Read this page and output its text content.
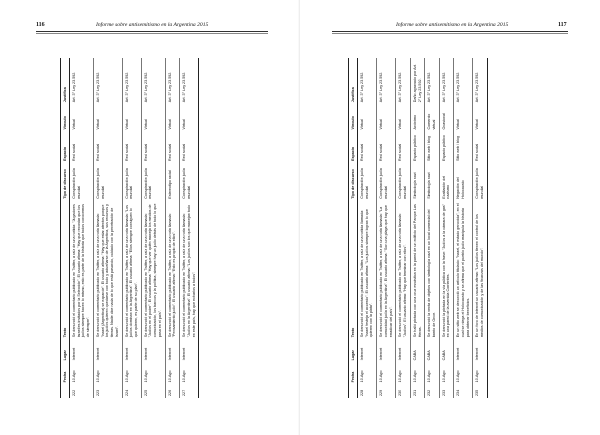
116	Informe sobre antisemitismo en la Argentina 2015
	Fecha	Lugar	Texto	Tipo de discurso	Espacio	Vínculo	Justifica
222	10-Ago	Internet	Se denunció el comentario publicado en Twitter, a raíz de una noticia: "Jugadores israelíes invitados por la Selección". El usuario afirma: "Hay que recordar que los judíos siempre hacen lo mismo, esto es parte de la historia que todos conocemos de siempre".	Conspiración judía mundial	Red social	Virtual	Art. 3° Ley 23.592.
223	10-Ago	Internet	Se denunció el comentario publicado en Twitter, a raíz de una nota llamada: "Israel (Argentina) se expande". El usuario afirma: "Hay que estar atentos porque los judíos quieren quedarse con todo y adueñarse de la Argentina, sus recursos y tierras. Nadie dice nada de lo que está pasando, cuidado con la penetración de Israel".	Conspiración judía mundial	Red social	Virtual	Art. 3° Ley 23.592.
224	10-Ago	Internet	Se denunció el comentario publicado en Twitter, a raíz de una nota llamada: "Los judíos dominan en la Argentina". El usuario afirma: "Ellos siempre consiguen lo que quieren, es parte de su plan".	Conspiración judía mundial	Red social	Virtual	Art. 3° Ley 23.592.
225	10-Ago	Internet	Se denunció el comentario publicado en Twitter, a raíz de una nota llamada: "Judíos en el poder". El usuario afirma: "Hay que ver quién maneja los medios de comunicación, los bancos y la política, siempre hay un judío detrás de todo lo que pasa en el país".	Conspiración judía mundial	Red social	Virtual	Art. 3° Ley 23.592.
226	10-Ago	Internet	Se denunció el comentario publicado en Twitter, a raíz de una nota llamada: "Pensamiento judío". El usuario afirma: "Esto es propio de ellos".	Estereotipo racial	Red social	Virtual	Art. 3° Ley 23.592.
227	10-Ago	Internet	Se denunció el comentario publicado en Twitter, a raíz de una nota llamada: "Judíos en la Argentina". El usuario afirma: "Los judíos son los que manejan todo en este país, hay que echarlos a todos".	Conspiración judía mundial	Red social	Virtual	Art. 3° Ley 23.592.
Informe sobre antisemitismo en la Argentina 2015	117
	Fecha	Lugar	Texto	Tipo de discurso	Espacio	Vínculo	Justifica
228	10-Ago	Internet	Se denunció el comentario publicado en Twitter, a raíz de una noticia llamada: "Israel festeja el acuerdo". El usuario afirma: "Los judíos siempre logran lo que quieren con la plata".	Conspiración judía mundial	Red social	Virtual	Art. 3° Ley 23.592.
229	10-Ago	Internet	Se denunció el comentario publicado en Twitter, a raíz de una nota llamada: "La comunidad judía en la Argentina". El usuario afirma: "Son una plaga que hay que erradicar del país".	Conspiración judía mundial	Red social	Virtual	Art. 3° Ley 23.592.
230	10-Ago	Internet	Se denunció el comentario publicado en Twitter, a raíz de una nota llamada: "Judíos". El usuario afirma: "Hay que terminar con ellos".	Conspiración judía mundial	Red social	Virtual	Art. 3° Ley 23.592.
231	10-Ago	CABA	Se halló pintada con una cruz esvástica en la pared de un edificio del Parque Las Heras.	Simbología nazi	Espacio público	Anónimo	Daño agravado por Art. 2° Ley 23.592.
232	10-Ago	CABA	Se denunció la venta de objetos con simbología nazi en un local comercial del barrio de Once.	Simbología nazi	Sitio web / blog	Comercio virtual	Art. 3° Ley 23.592.
233	10-Ago	CABA	Se denunció la pintada en la vía pública con la frase: "Judíos a la cámara de gas" en una pared de la avenida Corrientes.	Exaltación del nazismo	Espacio público	Ocasional	Art. 3° Ley 23.592.
234	10-Ago	Internet	En un sitio web se denunció un artículo titulado: "Israel, el estado genocida", en el cual se niega el Holocausto y se afirma que el pueblo judío manipula la historia para obtener beneficios.	Negación del Holocausto	Sitio web / blog	Virtual	Art. 3° Ley 23.592.
235	10-Ago	Internet	En un foro de internet un usuario afirma: "Los judíos tienen el control de los medios de comunicación y de las finanzas del mundo".	Conspiración judía mundial	Red social	Virtual	Art. 3° Ley 23.592.
